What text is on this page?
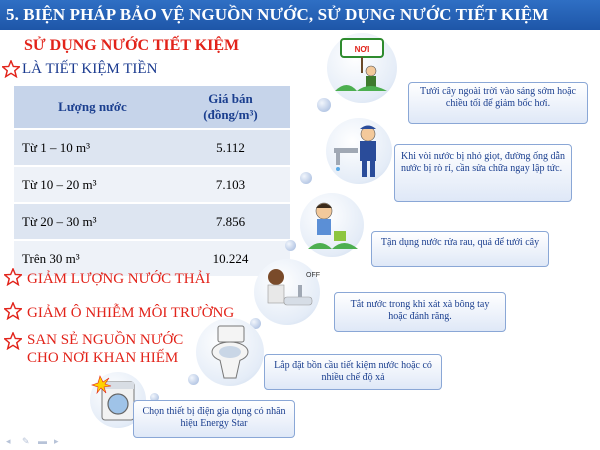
5. BIỆN PHÁP BẢO VỆ NGUỒN NƯỚC, SỬ DỤNG NƯỚC TIẾT KIỆM
SỬ DỤNG NƯỚC TIẾT KIỆM
LÀ TIẾT KIỆM TIỀN
Lượng nước	Giá bán
(đồng/m³)
Từ 1 – 10 m³	5.112
Từ 10 – 20 m³	7.103
Từ 20 – 30 m³	7.856
Trên 30 m³	10.224
GIẢM LƯỢNG NƯỚC THẢI
GIẢM Ô NHIỄM MÔI TRƯỜNG
SAN SẺ NGUỒN NƯỚC
CHO NƠI KHAN HIẾM
NƠI
OFF
Tưới cây ngoài trời vào sáng sớm hoặc chiều tối để giảm bốc hơi.
Khi vòi nước bị nhỏ giọt, đường ống dẫn nước bị rò rỉ, cần sửa chữa ngay lập tức.
Tận dụng nước rửa rau, quả để tưới cây
Tắt nước trong khi xát xà bông tay hoặc đánh răng.
Lắp đặt bồn cầu tiết kiệm nước hoặc có nhiều chế độ xả
Chọn thiết bị điện gia dụng có nhãn hiệu Energy Star
◂ ✎ ▬ ▸
